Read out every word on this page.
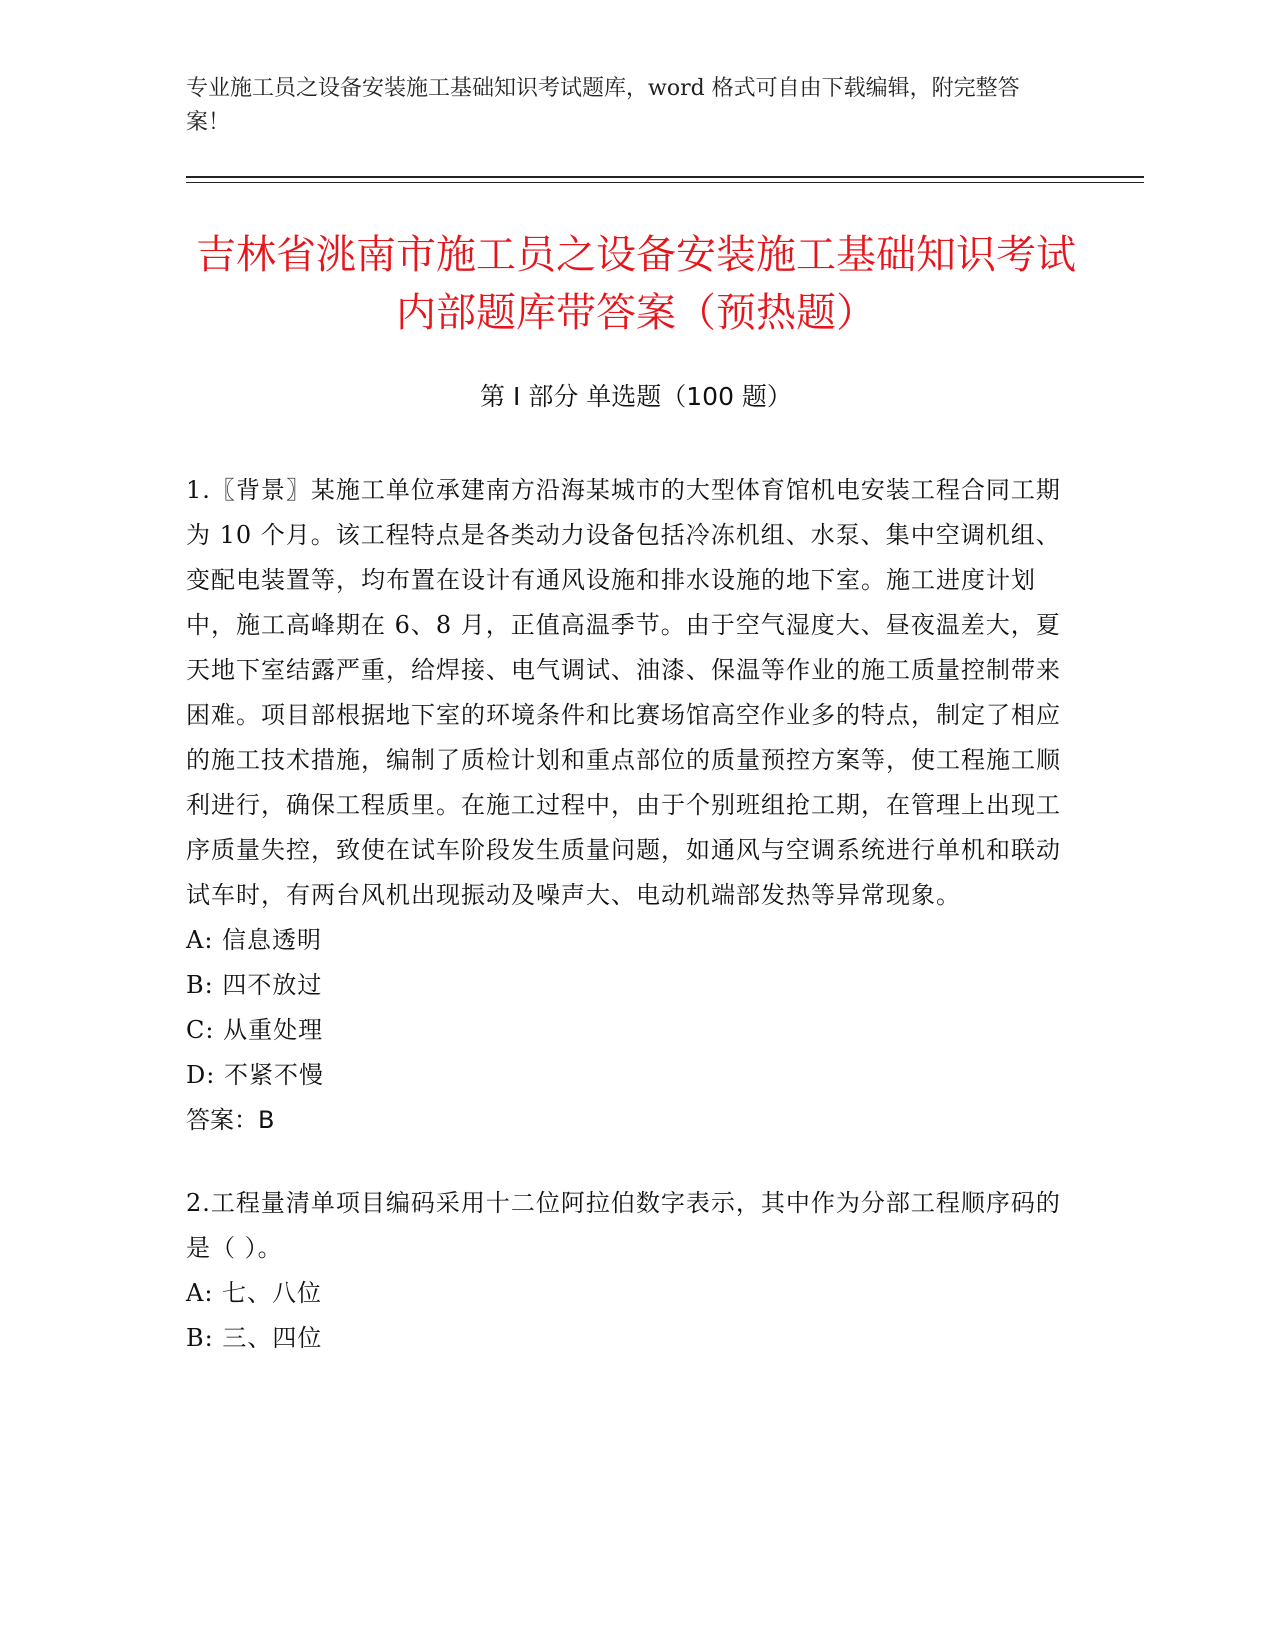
专业施工员之设备安装施工基础知识考试题库，word 格式可自由下载编辑，附完整答案！
吉林省洮南市施工员之设备安装施工基础知识考试内部题库带答案（预热题）
第 I 部分 单选题（100 题）
1.〖背景〗某施工单位承建南方沿海某城市的大型体育馆机电安装工程合同工期为 10 个月。该工程特点是各类动力设备包括冷冻机组、水泵、集中空调机组、变配电装置等，均布置在设计有通风设施和排水设施的地下室。施工进度计划中，施工高峰期在 6、8 月，正值高温季节。由于空气湿度大、昼夜温差大，夏天地下室结露严重，给焊接、电气调试、油漆、保温等作业的施工质量控制带来困难。项目部根据地下室的环境条件和比赛场馆高空作业多的特点，制定了相应的施工技术措施，编制了质检计划和重点部位的质量预控方案等，使工程施工顺利进行，确保工程质里。在施工过程中，由于个别班组抢工期，在管理上出现工序质量失控，致使在试车阶段发生质量问题，如通风与空调系统进行单机和联动试车时，有两台风机出现振动及噪声大、电动机端部发热等异常现象。
A: 信息透明
B: 四不放过
C: 从重处理
D: 不紧不慢
答案：B
2.工程量清单项目编码采用十二位阿拉伯数字表示，其中作为分部工程顺序码的是（ ）。
A: 七、八位
B: 三、四位
